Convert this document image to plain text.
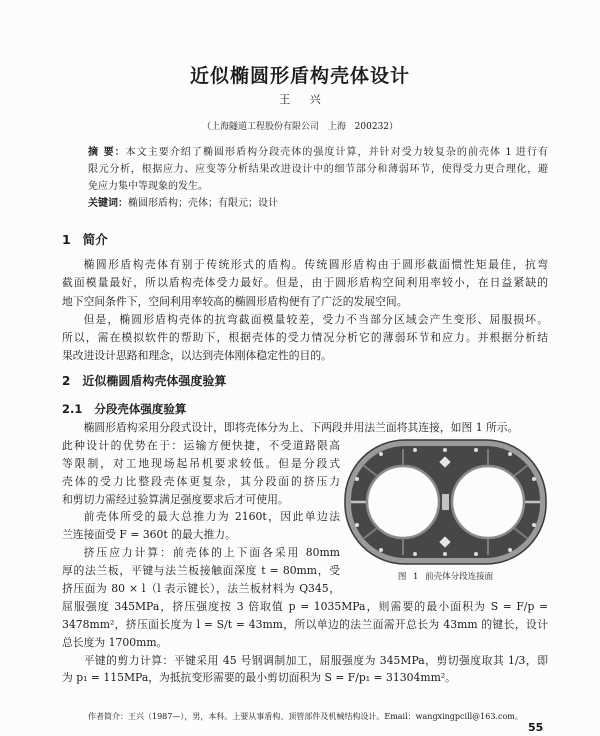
近似椭圆形盾构壳体设计
王 兴
（上海隧道工程股份有限公司 上海 200232）
摘 要：本文主要介绍了椭圆形盾构分段壳体的强度计算，并针对受力较复杂的前壳体 1 进行有
限元分析，根据应力、应变等分析结果改进设计中的细节部分和薄弱环节，使得受力更合理化，避
免应力集中等现象的发生。
关键词：椭圆形盾构；壳体；有限元；设计
1 简介
椭圆形盾构壳体有别于传统形式的盾构。传统圆形盾构由于圆形截面惯性矩最佳，抗弯
截面模量最好，所以盾构壳体受力最好。但是，由于圆形盾构空间利用率较小，在日益紧缺的
地下空间条件下，空间利用率较高的椭圆形盾构便有了广泛的发展空间。
但是，椭圆形盾构壳体的抗弯截面模量较差，受力不当部分区域会产生变形、屈服损坏。
所以，需在模拟软件的帮助下，根据壳体的受力情况分析它的薄弱环节和应力。并根据分析结
果改进设计思路和理念，以达到壳体刚体稳定性的目的。
2 近似椭圆盾构壳体强度验算
2.1 分段壳体强度验算
椭圆形盾构采用分段式设计，即将壳体分为上、下两段并用法兰面将其连接，如图 1 所示。
此种设计的优势在于：运输方便快捷，不受道路限高
等限制，对工地现场起吊机要求较低。但是分段式
壳体的受力比整段壳体更复杂，其分段面的挤压力
和剪切力需经过验算满足强度要求后才可使用。
前壳体所受的最大总推力为 2160t，因此单边法
兰连接面受 F = 360t 的最大推力。
挤压应力计算：前壳体的上下面各采用 80mm
厚的法兰板，平键与法兰板接触面深度 t = 80mm，受
挤压面为 80 × l（l 表示键长），法兰板材料为 Q345，
屈服强度 345MPa，挤压强度按 3 倍取值 p = 1035MPa，则需要的最小面积为 S = F/p =
3478mm²，挤压面长度为 l = S/t = 43mm，所以单边的法兰面需开总长为 43mm 的键长，设计
总长度为 1700mm。
平键的剪力计算：平键采用 45 号钢调制加工，屈服强度为 345MPa，剪切强度取其 1/3，即
为 p₁ = 115MPa，为抵抗变形需要的最小剪切面积为 S = F/p₁ = 31304mm²。
图 1 前壳体分段连接面
作者简介：王兴（1987—），男，本科。上要从事盾构、顶管部件及机械结构设计。Email：wangxingpcill@163.com。
55
